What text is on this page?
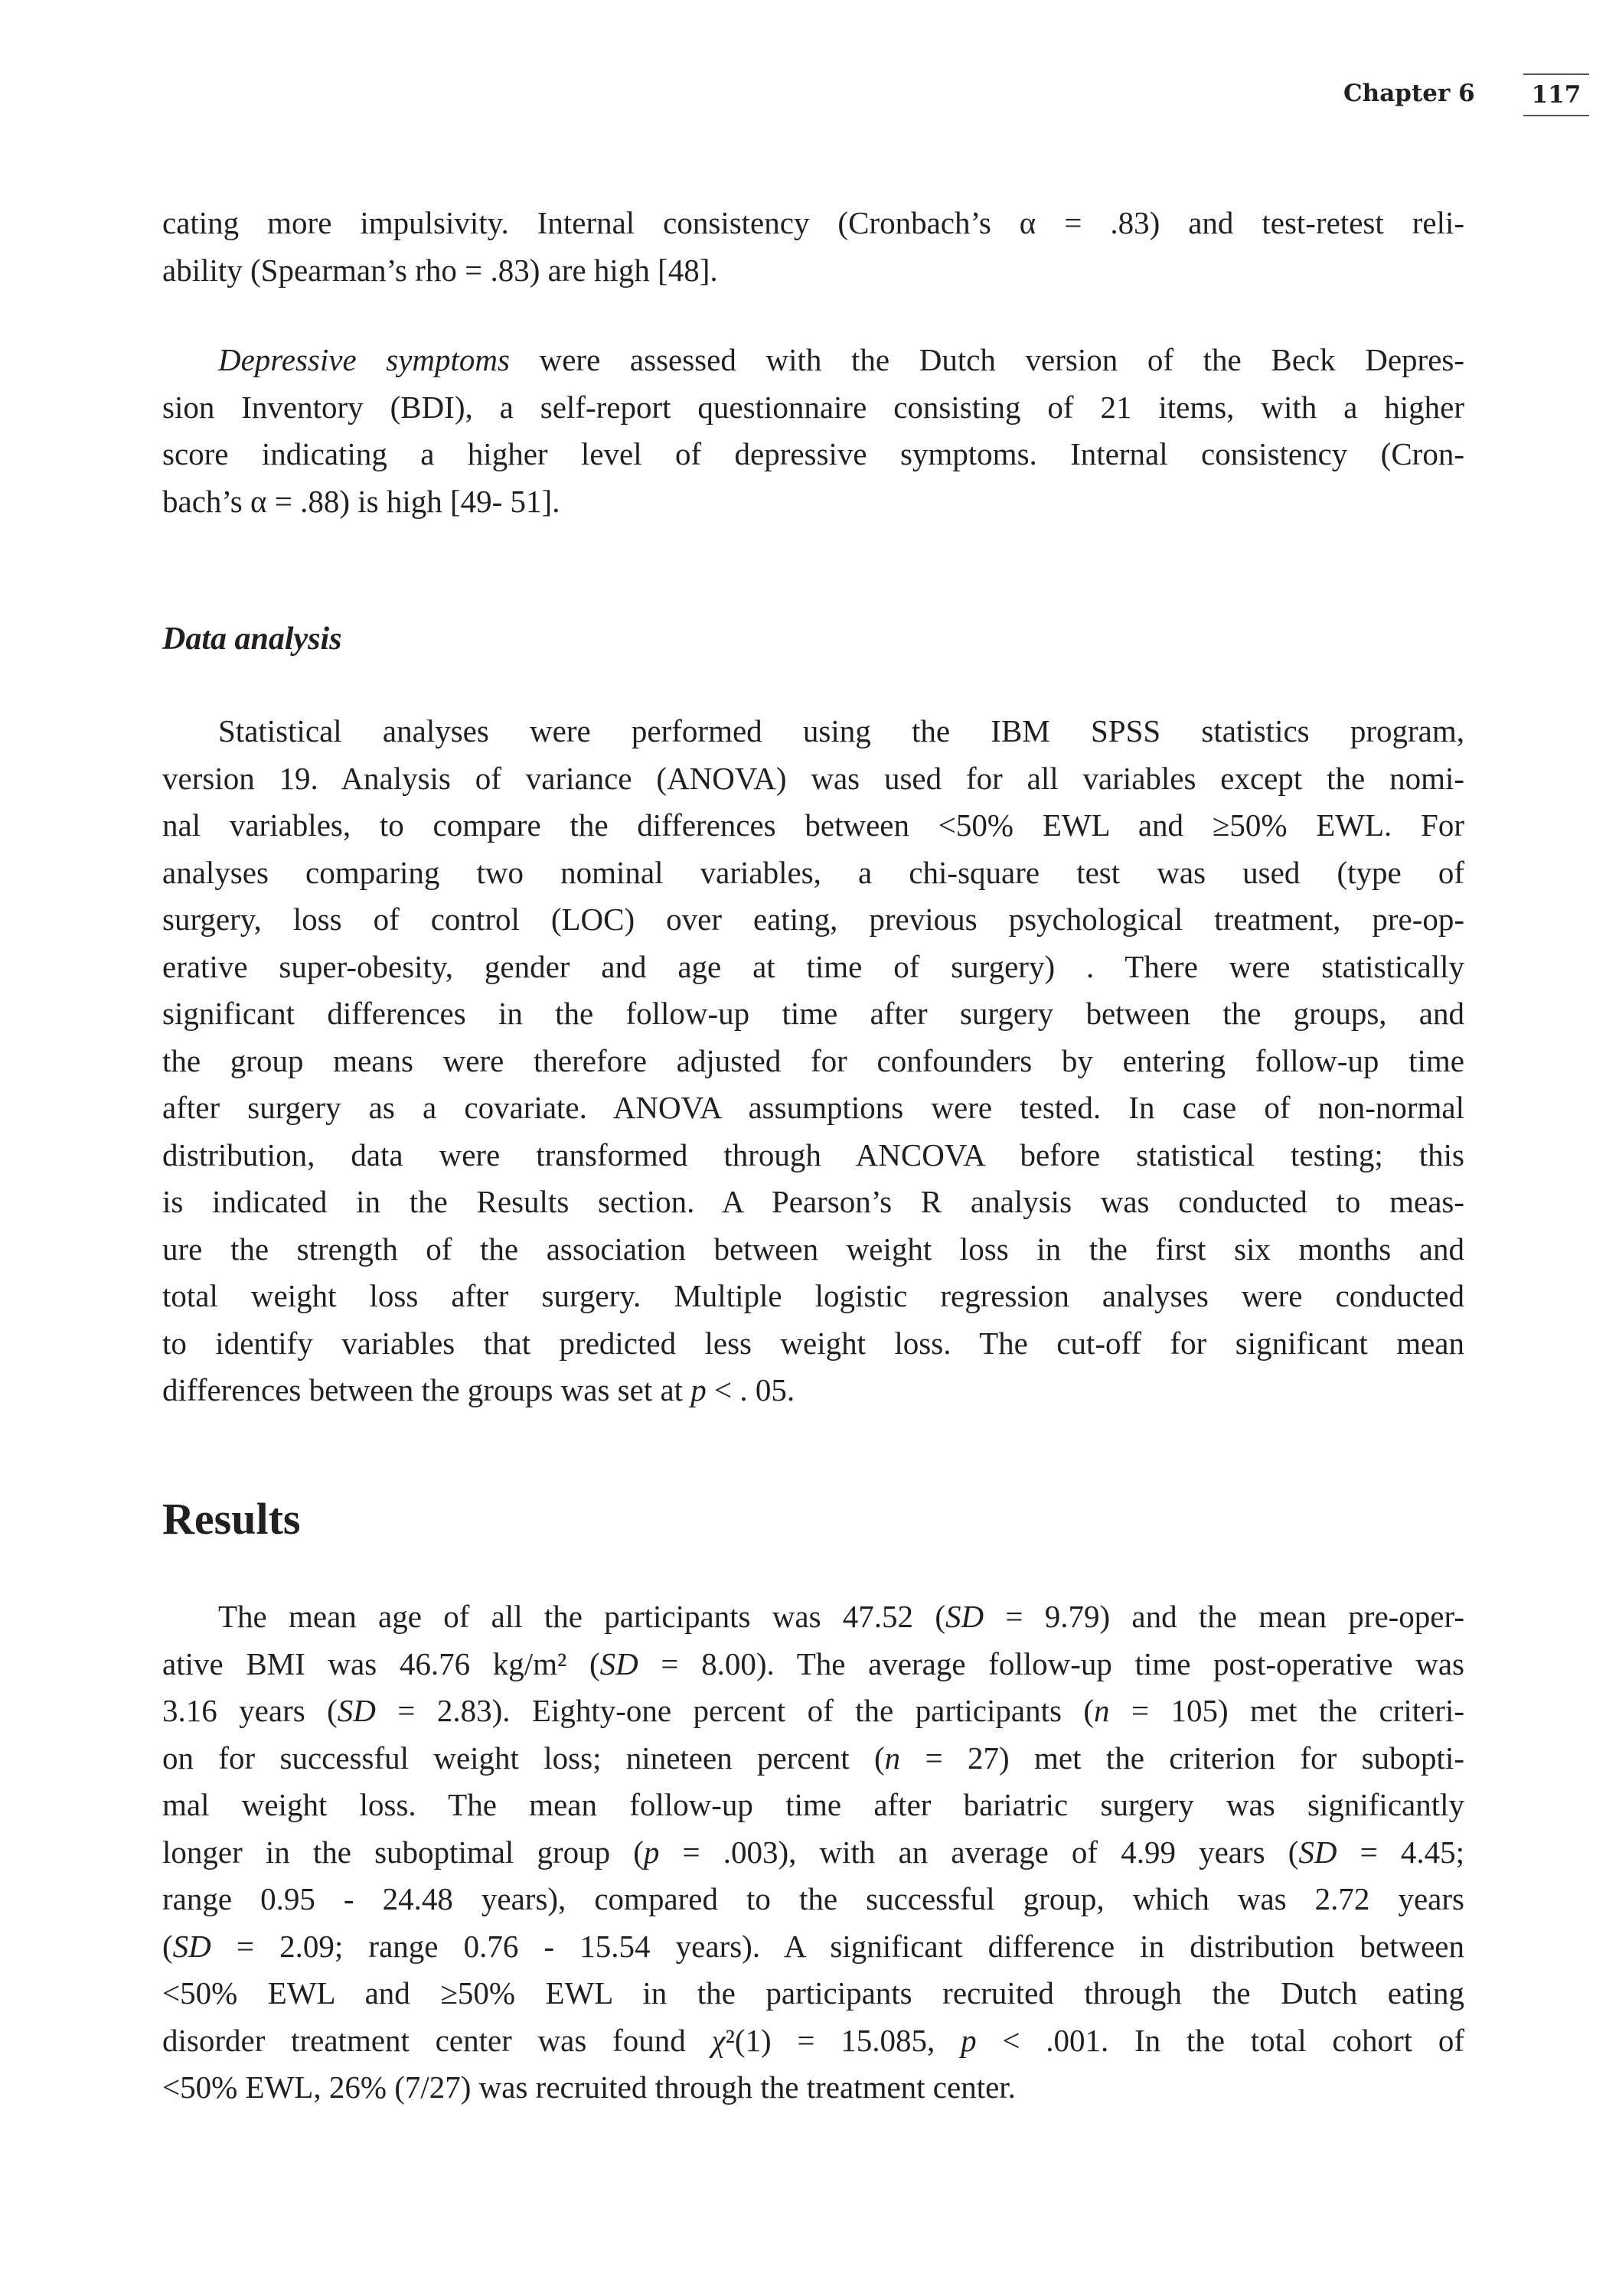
Chapter 6	117
cating more impulsivity. Internal consistency (Cronbach’s α = .83) and test-retest reli-
ability (Spearman’s rho = .83) are high [48].
Depressive symptoms were assessed with the Dutch version of the Beck Depres-
sion Inventory (BDI), a self-report questionnaire consisting of 21 items, with a higher
score indicating a higher level of depressive symptoms. Internal consistency (Cron-
bach’s α = .88) is high [49- 51].
Data analysis
Statistical analyses were performed using the IBM SPSS statistics program,
version 19. Analysis of variance (ANOVA) was used for all variables except the nomi-
nal variables, to compare the differences between <50% EWL and ≥50% EWL. For
analyses comparing two nominal variables, a chi-square test was used (type of
surgery, loss of control (LOC) over eating, previous psychological treatment, pre-op-
erative super-obesity, gender and age at time of surgery) . There were statistically
significant differences in the follow-up time after surgery between the groups, and
the group means were therefore adjusted for confounders by entering follow-up time
after surgery as a covariate. ANOVA assumptions were tested. In case of non-normal
distribution, data were transformed through ANCOVA before statistical testing; this
is indicated in the Results section. A Pearson’s R analysis was conducted to meas-
ure the strength of the association between weight loss in the first six months and
total weight loss after surgery. Multiple logistic regression analyses were conducted
to identify variables that predicted less weight loss. The cut-off for significant mean
differences between the groups was set at p < . 05.
Results
The mean age of all the participants was 47.52 (SD = 9.79) and the mean pre-oper-
ative BMI was 46.76 kg/m² (SD = 8.00). The average follow-up time post-operative was
3.16 years (SD = 2.83). Eighty-one percent of the participants (n = 105) met the criteri-
on for successful weight loss; nineteen percent (n = 27) met the criterion for subopti-
mal weight loss. The mean follow-up time after bariatric surgery was significantly
longer in the suboptimal group (p = .003), with an average of 4.99 years (SD = 4.45;
range 0.95 - 24.48 years), compared to the successful group, which was 2.72 years
(SD = 2.09; range 0.76 - 15.54 years). A significant difference in distribution between
<50% EWL and ≥50% EWL in the participants recruited through the Dutch eating
disorder treatment center was found χ²(1) = 15.085, p < .001. In the total cohort of
<50% EWL, 26% (7/27) was recruited through the treatment center.
